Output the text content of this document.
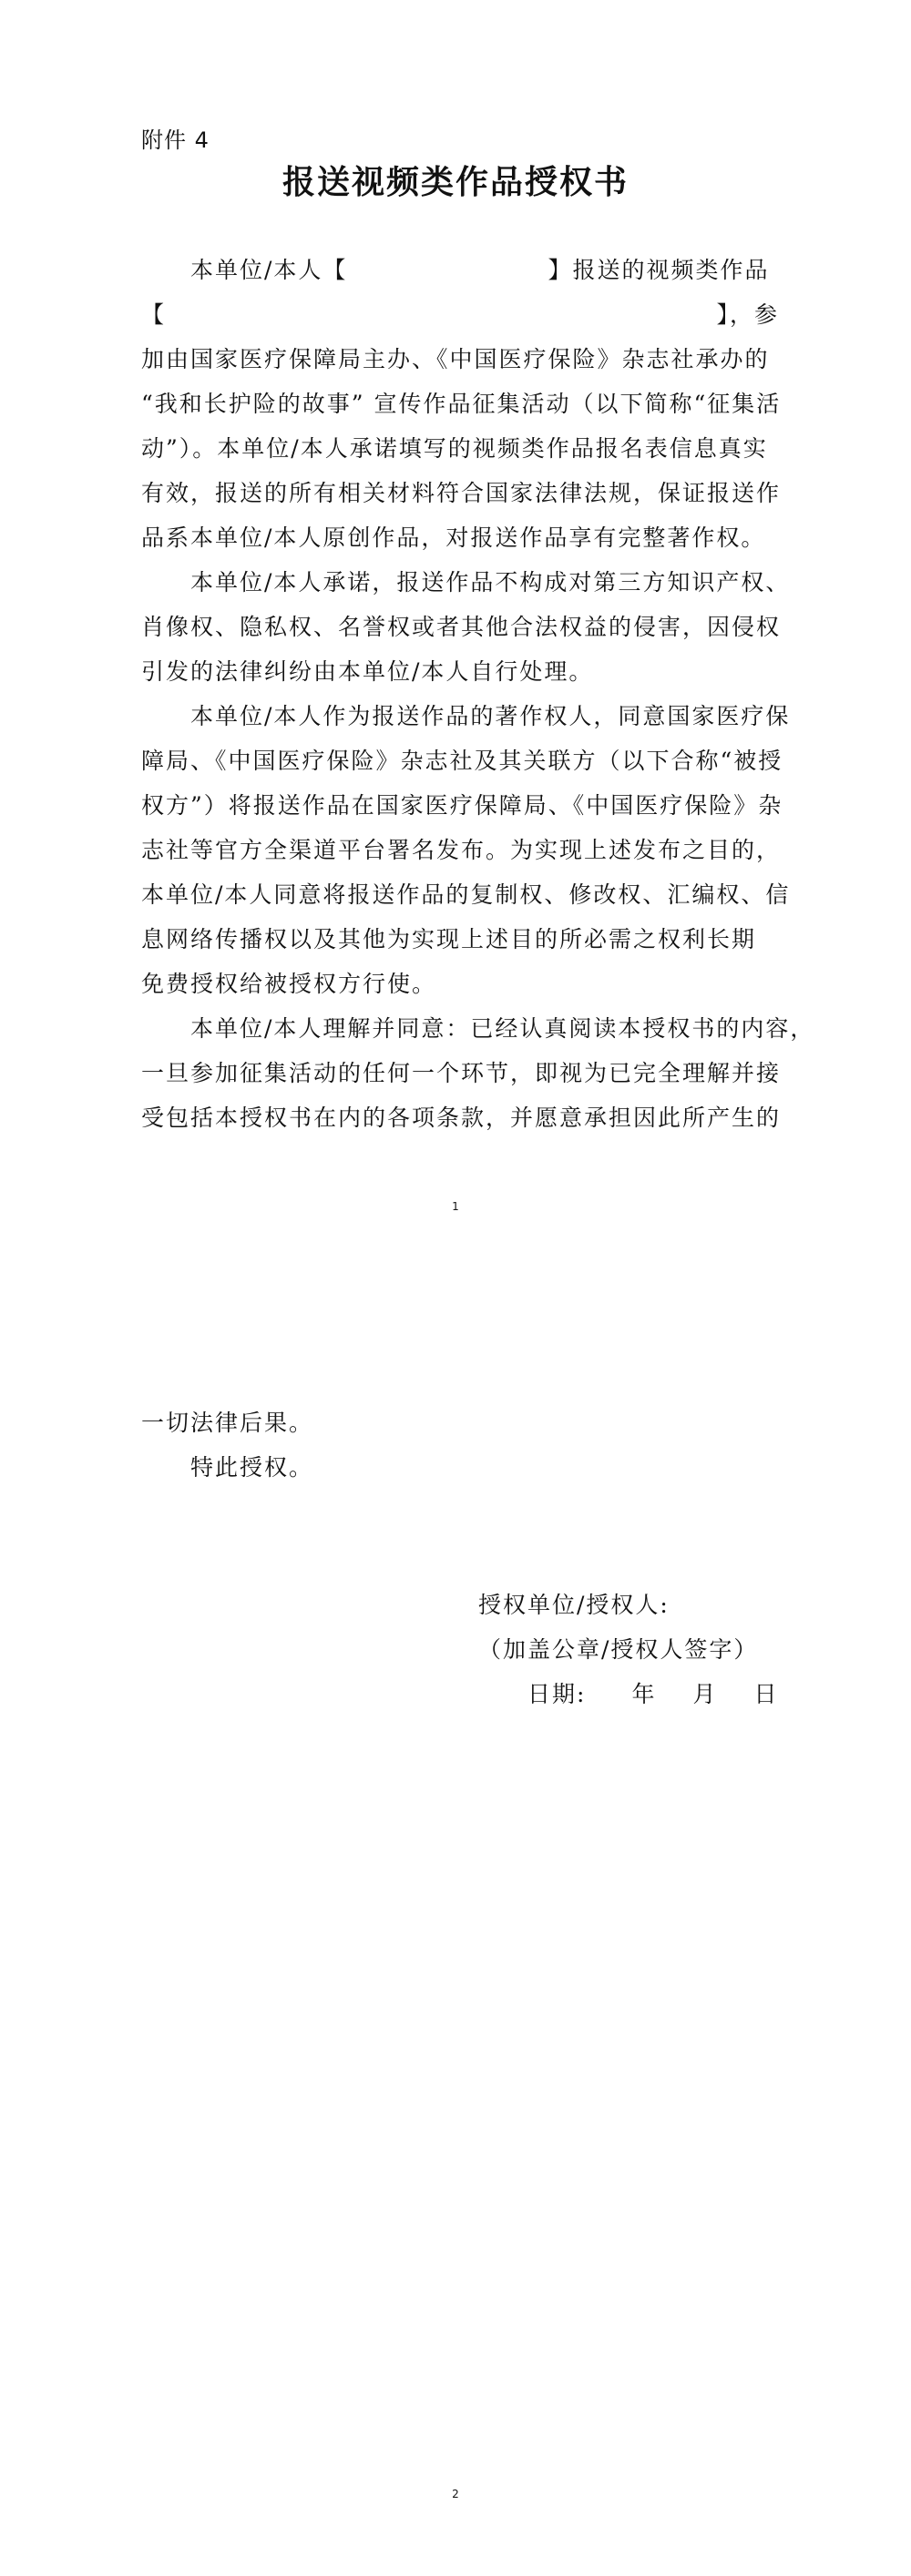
附件 4
报送视频类作品授权书
本单位/本人【	】报送的视频类作品
【	】，参
加由国家医疗保障局主办、《中国医疗保险》杂志社承办的
“我和长护险的故事” 宣传作品征集活动（以下简称“征集活
动”）。本单位/本人承诺填写的视频类作品报名表信息真实
有效，报送的所有相关材料符合国家法律法规，保证报送作
品系本单位/本人原创作品，对报送作品享有完整著作权。
本单位/本人承诺，报送作品不构成对第三方知识产权、
肖像权、隐私权、名誉权或者其他合法权益的侵害，因侵权
引发的法律纠纷由本单位/本人自行处理。
本单位/本人作为报送作品的著作权人，同意国家医疗保
障局、《中国医疗保险》杂志社及其关联方（以下合称“被授
权方”）将报送作品在国家医疗保障局、《中国医疗保险》杂
志社等官方全渠道平台署名发布。为实现上述发布之目的，
本单位/本人同意将报送作品的复制权、修改权、汇编权、信
息网络传播权以及其他为实现上述目的所必需之权利长期
免费授权给被授权方行使。
本单位/本人理解并同意：已经认真阅读本授权书的内容，
一旦参加征集活动的任何一个环节，即视为已完全理解并接
受包括本授权书在内的各项条款，并愿意承担因此所产生的
1
一切法律后果。
特此授权。
授权单位/授权人:
（加盖公章/授权人签字）
日期: 年 月 日
2
